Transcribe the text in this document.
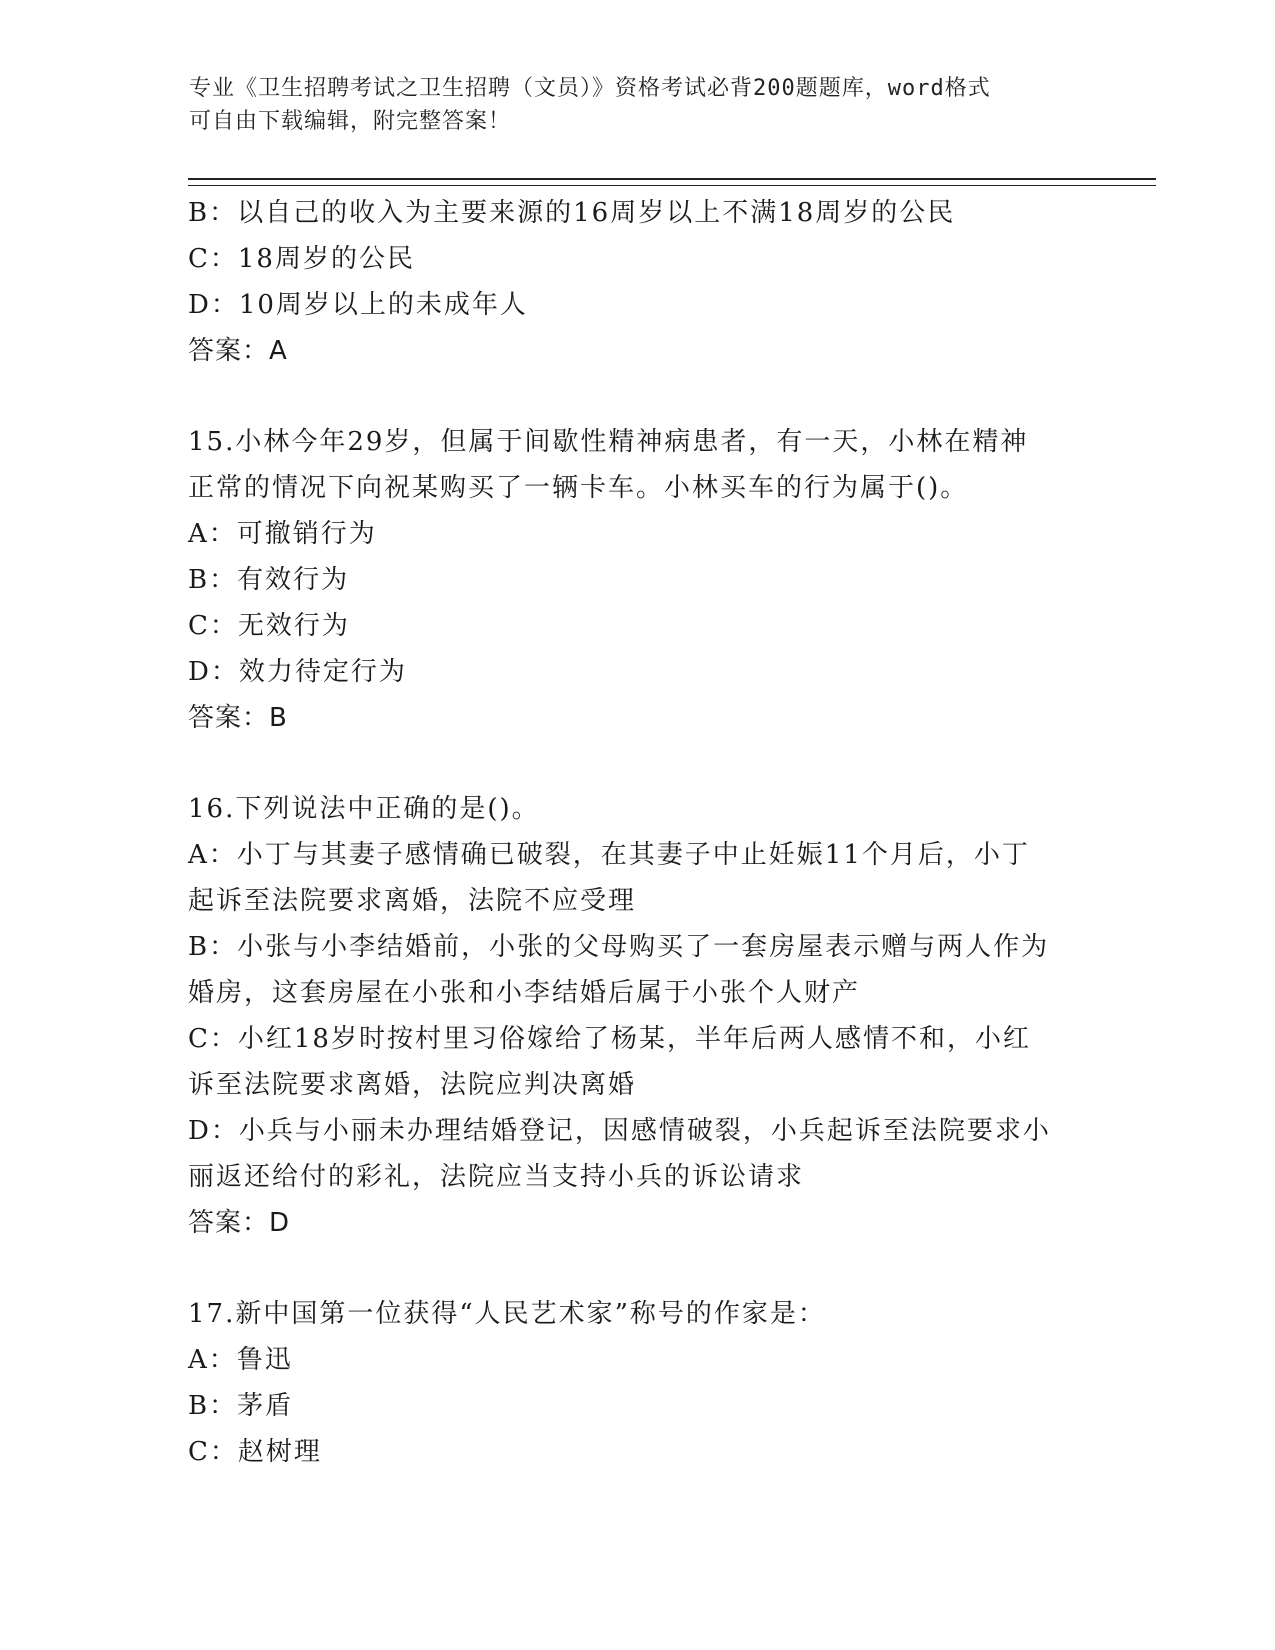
专业《卫生招聘考试之卫生招聘（文员）》资格考试必背200题题库，word格式
可自由下载编辑，附完整答案！
B：以自己的收入为主要来源的16周岁以上不满18周岁的公民
C：18周岁的公民
D：10周岁以上的未成年人
答案：A
15.小林今年29岁，但属于间歇性精神病患者，有一天，小林在精神
正常的情况下向祝某购买了一辆卡车。小林买车的行为属于()。
A：可撤销行为
B：有效行为
C：无效行为
D：效力待定行为
答案：B
16.下列说法中正确的是()。
A：小丁与其妻子感情确已破裂，在其妻子中止妊娠11个月后，小丁
起诉至法院要求离婚，法院不应受理
B：小张与小李结婚前，小张的父母购买了一套房屋表示赠与两人作为
婚房，这套房屋在小张和小李结婚后属于小张个人财产
C：小红18岁时按村里习俗嫁给了杨某，半年后两人感情不和，小红
诉至法院要求离婚，法院应判决离婚
D：小兵与小丽未办理结婚登记，因感情破裂，小兵起诉至法院要求小
丽返还给付的彩礼，法院应当支持小兵的诉讼请求
答案：D
17.新中国第一位获得“人民艺术家”称号的作家是：
A：鲁迅
B：茅盾
C：赵树理
